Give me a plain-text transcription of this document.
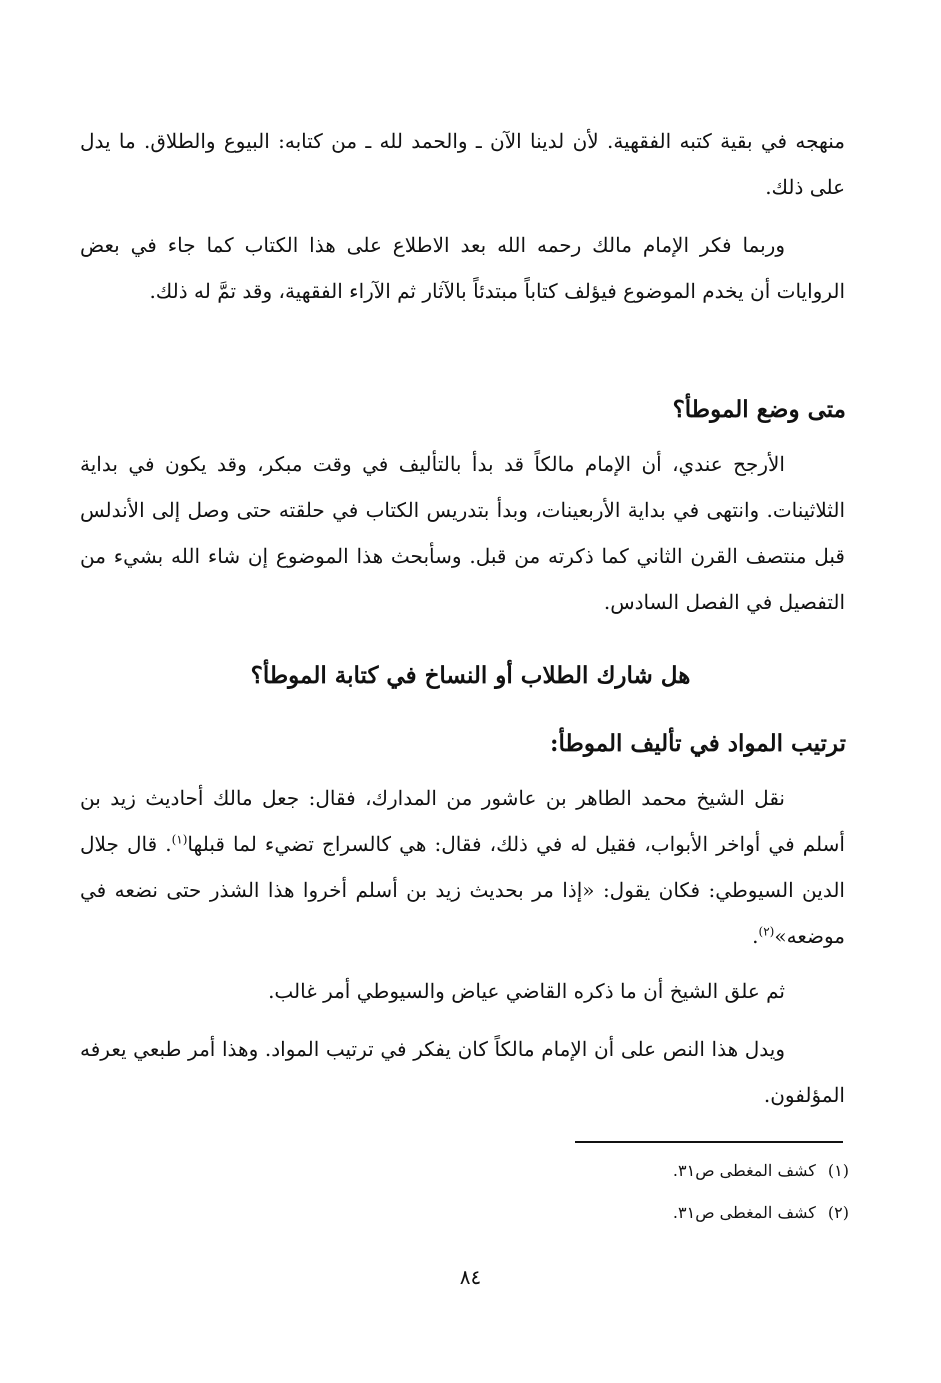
منهجه في بقية كتبه الفقهية. لأن لدينا الآن ـ والحمد لله ـ من كتابه: البيوع والطلاق. ما يدل على ذلك.
وربما فكر الإمام مالك رحمه الله بعد الاطلاع على هذا الكتاب كما جاء في بعض الروايات أن يخدم الموضوع فيؤلف كتاباً مبتدئاً بالآثار ثم الآراء الفقهية، وقد تمَّ له ذلك.
متى وضع الموطأ؟
الأرجح عندي، أن الإمام مالكاً قد بدأ بالتأليف في وقت مبكر، وقد يكون في بداية الثلاثينات. وانتهى في بداية الأربعينات، وبدأ بتدريس الكتاب في حلقته حتى وصل إلى الأندلس قبل منتصف القرن الثاني كما ذكرته من قبل. وسأبحث هذا الموضوع إن شاء الله بشيء من التفصيل في الفصل السادس.
هل شارك الطلاب أو النساخ في كتابة الموطأ؟
ترتيب المواد في تأليف الموطأ:
نقل الشيخ محمد الطاهر بن عاشور من المدارك، فقال: جعل مالك أحاديث زيد بن أسلم في أواخر الأبواب، فقيل له في ذلك، فقال: هي كالسراج تضيء لما قبلها$^{(١)}$. قال جلال الدين السيوطي: فكان يقول: «إذا مر بحديث زيد بن أسلم أخروا هذا الشذر حتى نضعه في موضعه»$^{(٢)}$.
ثم علق الشيخ أن ما ذكره القاضي عياض والسيوطي أمر غالب.
ويدل هذا النص على أن الإمام مالكاً كان يفكر في ترتيب المواد. وهذا أمر طبعي يعرفه المؤلفون.
(١)كشف المغطى ص٣١.
(٢)كشف المغطى ص٣١.
٨٤
